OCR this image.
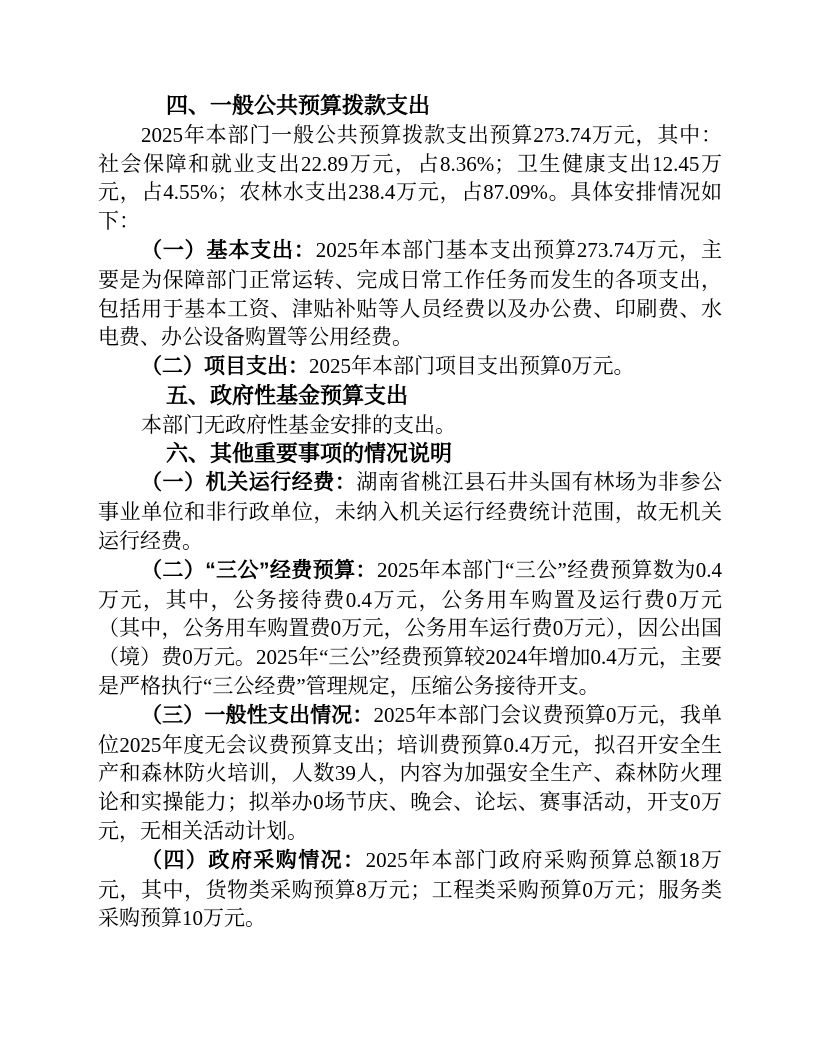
四、一般公共预算拨款支出

2025年本部门一般公共预算拨款支出预算273.74万元，其中：社会保障和就业支出22.89万元，占8.36%；卫生健康支出12.45万元，占4.55%；农林水支出238.4万元，占87.09%。具体安排情况如下：

（一）基本支出：2025年本部门基本支出预算273.74万元，主要是为保障部门正常运转、完成日常工作任务而发生的各项支出，包括用于基本工资、津贴补贴等人员经费以及办公费、印刷费、水电费、办公设备购置等公用经费。

（二）项目支出：2025年本部门项目支出预算0万元。

五、政府性基金预算支出

本部门无政府性基金安排的支出。

六、其他重要事项的情况说明

（一）机关运行经费：湖南省桃江县石井头国有林场为非参公事业单位和非行政单位，未纳入机关运行经费统计范围，故无机关运行经费。

（二）“三公”经费预算：2025年本部门“三公”经费预算数为0.4万元，其中，公务接待费0.4万元，公务用车购置及运行费0万元（其中，公务用车购置费0万元，公务用车运行费0万元），因公出国（境）费0万元。2025年“三公”经费预算较2024年增加0.4万元，主要是严格执行“三公经费”管理规定，压缩公务接待开支。

（三）一般性支出情况：2025年本部门会议费预算0万元，我单位2025年度无会议费预算支出；培训费预算0.4万元，拟召开安全生产和森林防火培训，人数39人，内容为加强安全生产、森林防火理论和实操能力；拟举办0场节庆、晚会、论坛、赛事活动，开支0万元，无相关活动计划。

（四）政府采购情况：2025年本部门政府采购预算总额18万元，其中，货物类采购预算8万元；工程类采购预算0万元；服务类采购预算10万元。
